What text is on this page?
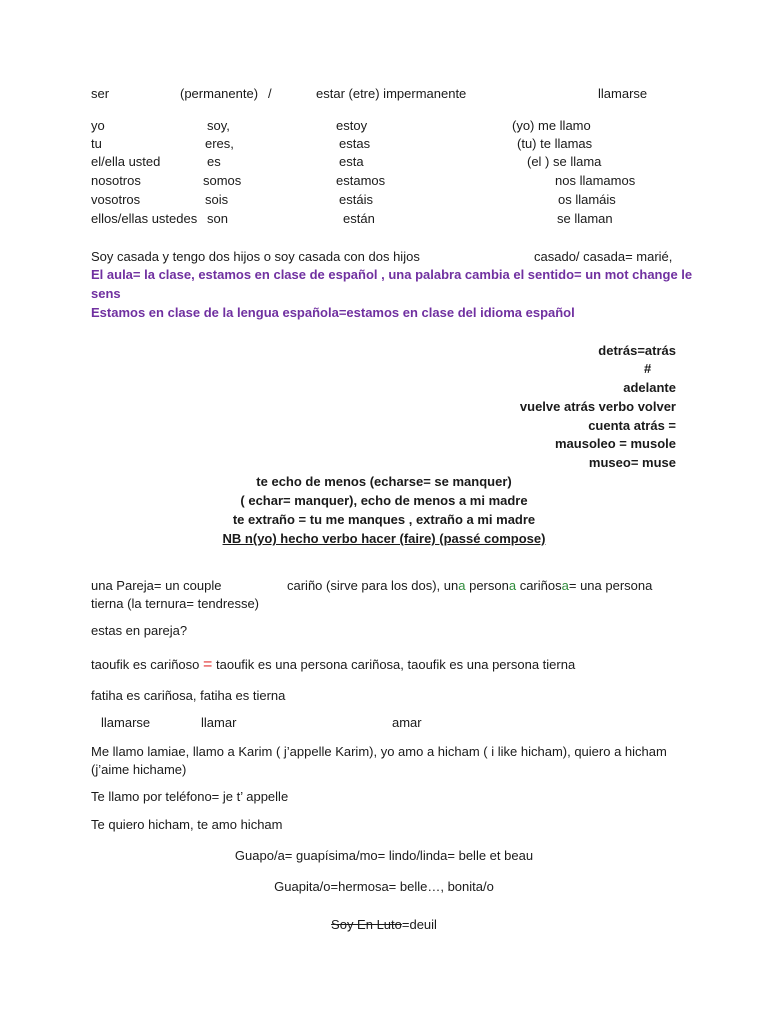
ser	(permanente) /	estar (etre) impermanente	llamarse
yo	soy,	estoy	(yo) me llamo
tu	eres,	estas	(tu) te llamas
el/ella usted	es	esta	(el ) se llama
nosotros	somos	estamos	nos llamamos
vosotros	sois	estáis	os llamáis
ellos/ellas ustedes son	están	se llaman
Soy casada y tengo dos hijos o soy casada con dos hijos	casado/ casada= marié,
El aula= la clase, estamos en clase de español , una palabra cambia el sentido= un mot change le
sens
Estamos en clase de la lengua española=estamos en clase del idioma español
detrás=atrás
#
adelante
vuelve atrás verbo volver
cuenta atrás =
mausoleo = musole
museo= muse
te echo de menos (echarse= se manquer)
( echar= manquer), echo de menos a mi madre
te extraño = tu me manques , extraño a mi madre
NB n(yo) hecho verbo hacer (faire) (passé compose)
una Pareja= un couple	cariño (sirve para los dos), una persona cariñosa= una persona
tierna (la ternura= tendresse)
estas en pareja?
taoufik es cariñoso = taoufik es una persona cariñosa, taoufik es una persona tierna
fatiha es cariñosa, fatiha es tierna
llamarse	llamar	amar
Me llamo lamiae, llamo a Karim ( j’appelle Karim), yo amo a hicham ( i like hicham), quiero a hicham
(j’aime hichame)
Te llamo por teléfono= je t’ appelle
Te quiero hicham, te amo hicham
Guapo/a= guapísima/mo= lindo/linda= belle et beau
Guapita/o=hermosa= belle…, bonita/o
Soy En Luto=deuil
